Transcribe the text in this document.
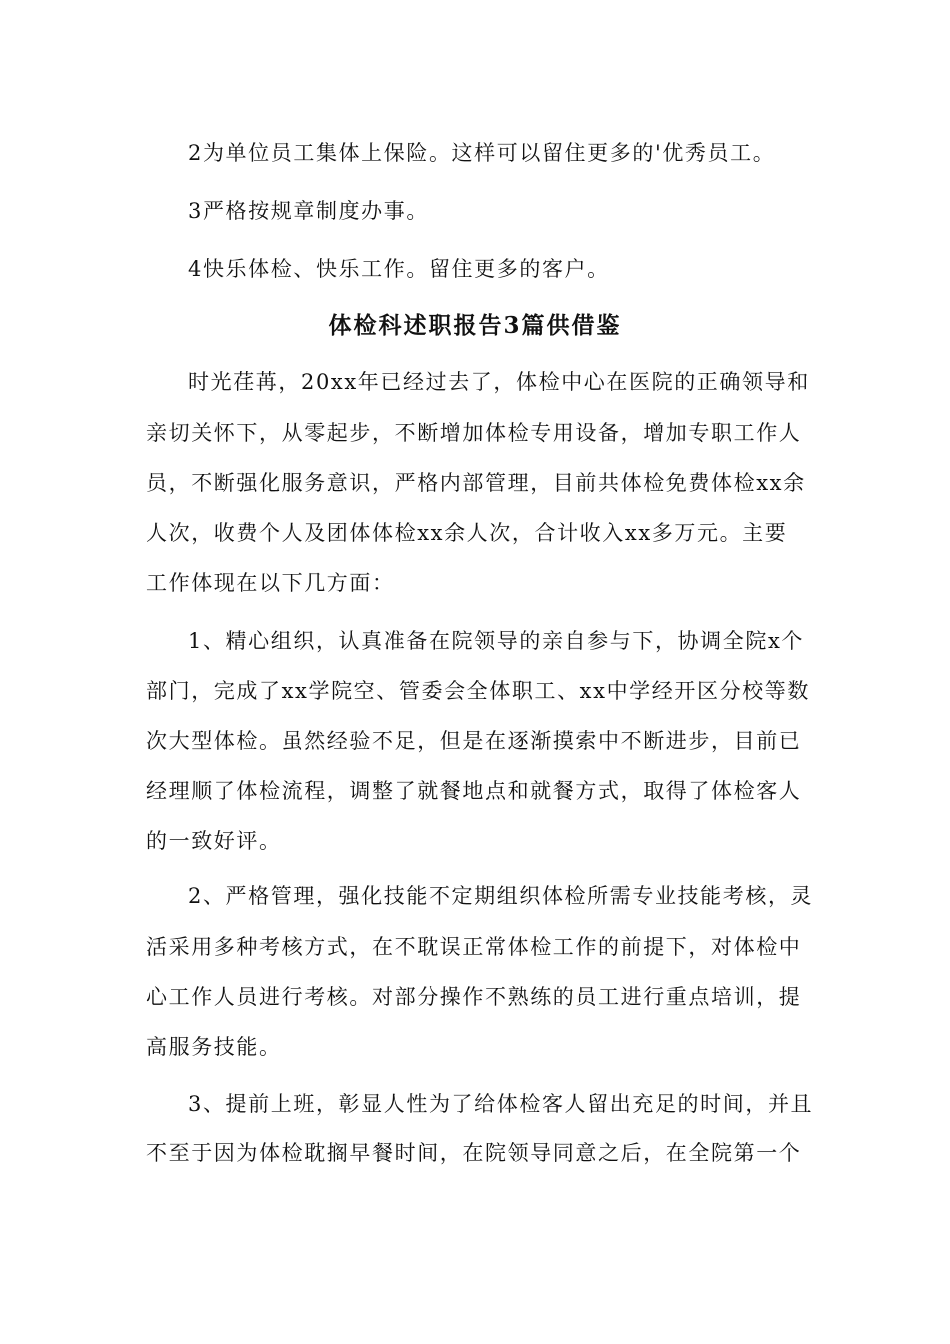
2为单位员工集体上保险。这样可以留住更多的'优秀员工。
3严格按规章制度办事。
4快乐体检、快乐工作。留住更多的客户。
体检科述职报告3篇供借鉴
时光荏苒，20xx年已经过去了，体检中心在医院的正确领导和
亲切关怀下，从零起步，不断增加体检专用设备，增加专职工作人
员，不断强化服务意识，严格内部管理，目前共体检免费体检xx余
人次，收费个人及团体体检xx余人次，合计收入xx多万元。主要
工作体现在以下几方面：
1、精心组织，认真准备在院领导的亲自参与下，协调全院x个
部门，完成了xx学院空、管委会全体职工、xx中学经开区分校等数
次大型体检。虽然经验不足，但是在逐渐摸索中不断进步，目前已
经理顺了体检流程，调整了就餐地点和就餐方式，取得了体检客人
的一致好评。
2、严格管理，强化技能不定期组织体检所需专业技能考核，灵
活采用多种考核方式，在不耽误正常体检工作的前提下，对体检中
心工作人员进行考核。对部分操作不熟练的员工进行重点培训，提
高服务技能。
3、提前上班，彰显人性为了给体检客人留出充足的时间，并且
不至于因为体检耽搁早餐时间，在院领导同意之后，在全院第一个
